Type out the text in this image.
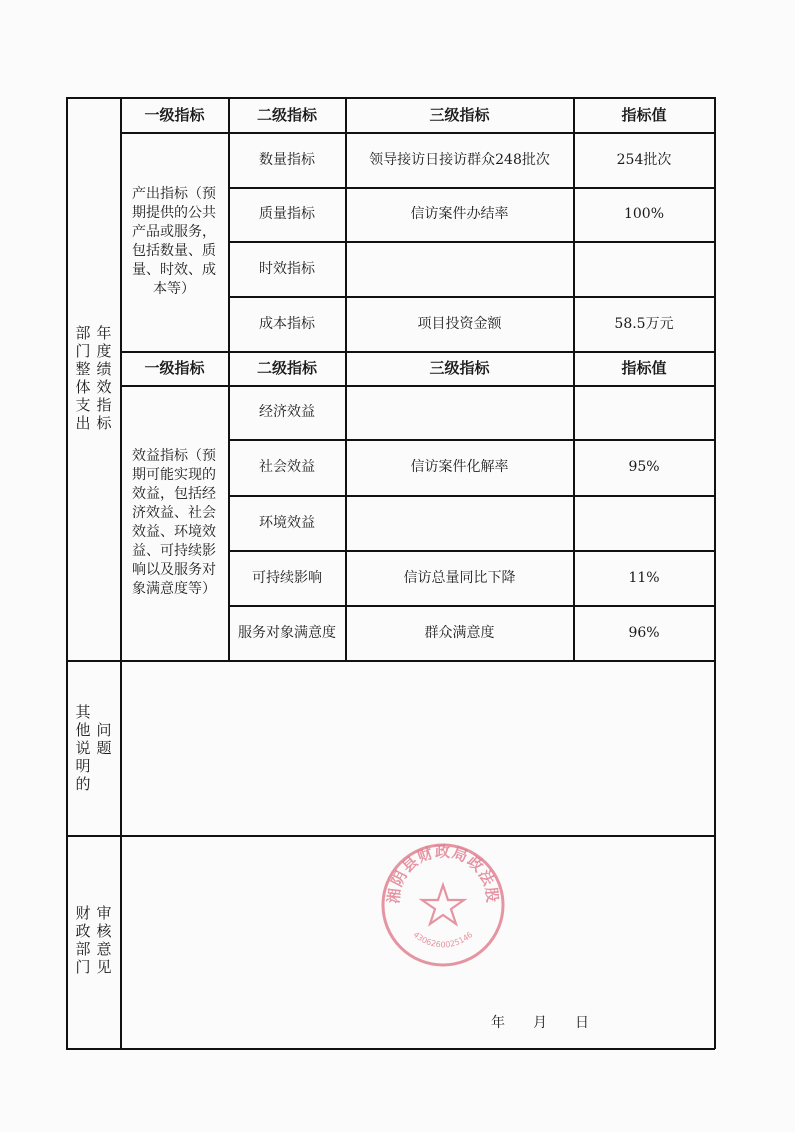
部门整体支出
年度绩效指标
其他说明的
问题
财政部门
审核意见
一级指标	二级指标	三级指标	指标值
产出指标（预期提供的公共产品或服务，包括数量、质量、时效、成本等）
数量指标	领导接访日接访群众248批次	254批次
质量指标	信访案件办结率	100%
时效指标
成本指标	项目投资金额	58.5万元
一级指标	二级指标	三级指标	指标值
效益指标（预期可能实现的效益，包括经济效益、社会效益、环境效益、可持续影响以及服务对象满意度等）
经济效益
社会效益	信访案件化解率	95%
环境效益
可持续影响	信访总量同比下降	11%
服务对象满意度	群众满意度	96%
湘阴县财政局政法股
4306260025146
年　　月　　日
